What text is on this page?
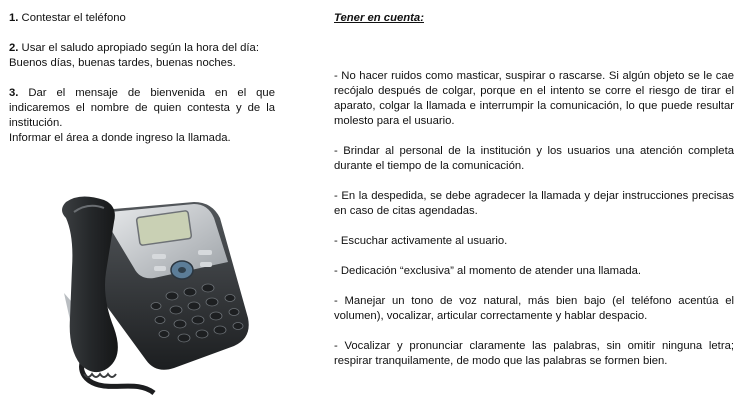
1. Contestar el teléfono

2. Usar el saludo apropiado según la hora del día:

Buenos días, buenas tardes, buenas noches.

3. Dar el mensaje de bienvenida en el que indicaremos el nombre de quien contesta y de la institución.

Informar el área a donde ingreso la llamada.

Tener en cuenta:

- No hacer ruidos como masticar, suspirar o rascarse. Si algún objeto se le cae recójalo después de colgar, porque en el intento se corre el riesgo de tirar el aparato, colgar la llamada e interrumpir la comunicación, lo que puede resultar molesto para el usuario.

- Brindar al personal de la institución y los usuarios una atención completa durante el tiempo de la comunicación.

- En la despedida, se debe agradecer la llamada y dejar instrucciones precisas en caso de citas agendadas.

- Escuchar activamente al usuario.

- Dedicación “exclusiva” al momento de atender una llamada.

- Manejar un tono de voz natural, más bien bajo (el teléfono acentúa el volumen), vocalizar, articular correctamente y hablar despacio.

- Vocalizar y pronunciar claramente las palabras, sin omitir ninguna letra; respirar tranquilamente, de modo que las palabras se formen bien.
